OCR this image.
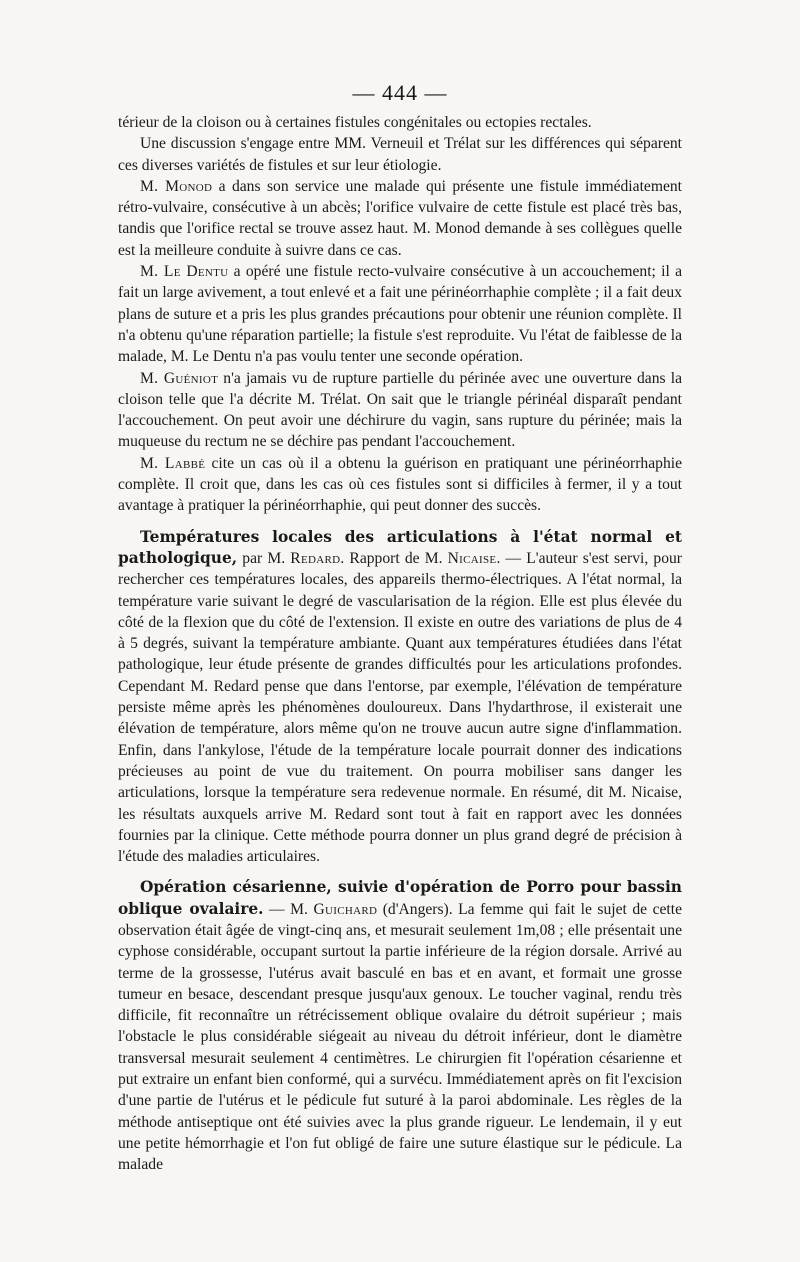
— 444 —

térieur de la cloison ou à certaines fistules congénitales ou ectopies rectales.

Une discussion s'engage entre MM. Verneuil et Trélat sur les différences qui séparent ces diverses variétés de fistules et sur leur étiologie.

M. Monod a dans son service une malade qui présente une fistule immédiatement rétro-vulvaire, consécutive à un abcès; l'orifice vulvaire de cette fistule est placé très bas, tandis que l'orifice rectal se trouve assez haut. M. Monod demande à ses collègues quelle est la meilleure conduite à suivre dans ce cas.

M. Le Dentu a opéré une fistule recto-vulvaire consécutive à un accouchement; il a fait un large avivement, a tout enlevé et a fait une périnéorrhaphie complète ; il a fait deux plans de suture et a pris les plus grandes précautions pour obtenir une réunion complète. Il n'a obtenu qu'une réparation partielle; la fistule s'est reproduite. Vu l'état de faiblesse de la malade, M. Le Dentu n'a pas voulu tenter une seconde opération.

M. Guéniot n'a jamais vu de rupture partielle du périnée avec une ouverture dans la cloison telle que l'a décrite M. Trélat. On sait que le triangle périnéal disparaît pendant l'accouchement. On peut avoir une déchirure du vagin, sans rupture du périnée; mais la muqueuse du rectum ne se déchire pas pendant l'accouchement.

M. Labbé cite un cas où il a obtenu la guérison en pratiquant une périnéorrhaphie complète. Il croit que, dans les cas où ces fistules sont si difficiles à fermer, il y a tout avantage à pratiquer la périnéorrhaphie, qui peut donner des succès.

Températures locales des articulations à l'état normal et pathologique, par M. Redard. Rapport de M. Nicaise. — L'auteur s'est servi, pour rechercher ces températures locales, des appareils thermo-électriques. A l'état normal, la température varie suivant le degré de vascularisation de la région. Elle est plus élevée du côté de la flexion que du côté de l'extension. Il existe en outre des variations de plus de 4 à 5 degrés, suivant la température ambiante. Quant aux températures étudiées dans l'état pathologique, leur étude présente de grandes difficultés pour les articulations profondes. Cependant M. Redard pense que dans l'entorse, par exemple, l'élévation de température persiste même après les phénomènes douloureux. Dans l'hydarthrose, il existerait une élévation de température, alors même qu'on ne trouve aucun autre signe d'inflammation. Enfin, dans l'ankylose, l'étude de la température locale pourrait donner des indications précieuses au point de vue du traitement. On pourra mobiliser sans danger les articulations, lorsque la température sera redevenue normale. En résumé, dit M. Nicaise, les résultats auxquels arrive M. Redard sont tout à fait en rapport avec les données fournies par la clinique. Cette méthode pourra donner un plus grand degré de précision à l'étude des maladies articulaires.

Opération césarienne, suivie d'opération de Porro pour bassin oblique ovalaire. — M. Guichard (d'Angers). La femme qui fait le sujet de cette observation était âgée de vingt-cinq ans, et mesurait seulement 1m,08 ; elle présentait une cyphose considérable, occupant surtout la partie inférieure de la région dorsale. Arrivé au terme de la grossesse, l'utérus avait basculé en bas et en avant, et formait une grosse tumeur en besace, descendant presque jusqu'aux genoux. Le toucher vaginal, rendu très difficile, fit reconnaître un rétrécissement oblique ovalaire du détroit supérieur ; mais l'obstacle le plus considérable siégeait au niveau du détroit inférieur, dont le diamètre transversal mesurait seulement 4 centimètres. Le chirurgien fit l'opération césarienne et put extraire un enfant bien conformé, qui a survécu. Immédiatement après on fit l'excision d'une partie de l'utérus et le pédicule fut suturé à la paroi abdominale. Les règles de la méthode antiseptique ont été suivies avec la plus grande rigueur. Le lendemain, il y eut une petite hémorrhagie et l'on fut obligé de faire une suture élastique sur le pédicule. La malade
